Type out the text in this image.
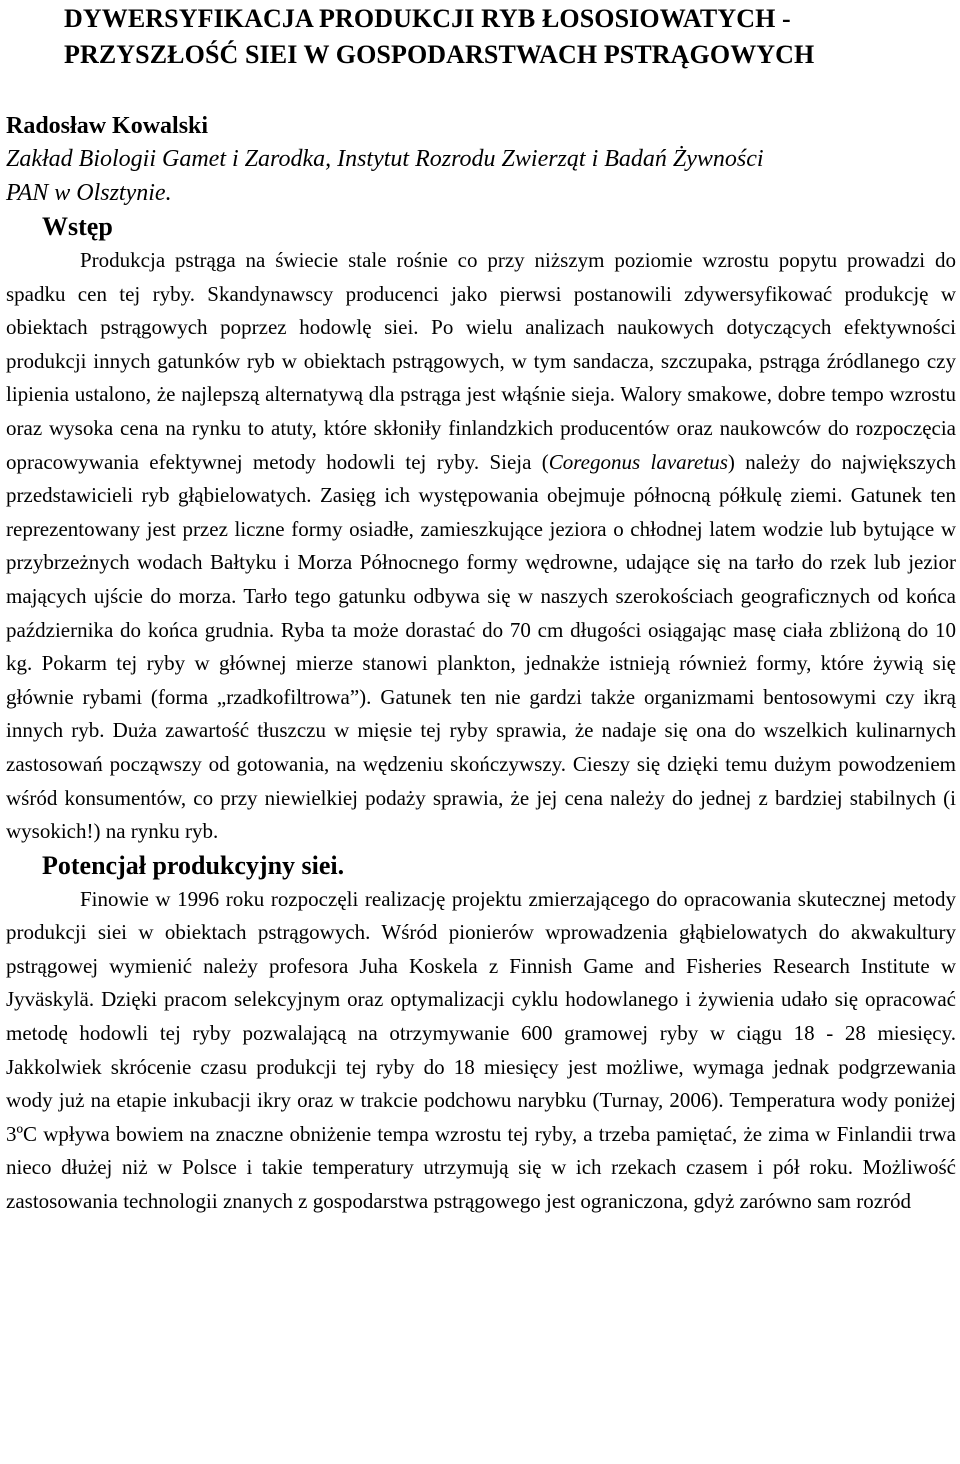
DYWERSYFIKACJA PRODUKCJI RYB ŁOSOSIOWATYCH -

PRZYSZŁOŚĆ SIEI W GOSPODARSTWACH PSTRĄGOWYCH

Radosław Kowalski

Zakład Biologii Gamet i Zarodka, Instytut Rozrodu Zwierząt i Badań Żywności

PAN w Olsztynie.

Wstęp

Produkcja pstrąga na świecie stale rośnie co przy niższym poziomie wzrostu popytu prowadzi do spadku cen tej ryby. Skandynawscy producenci jako pierwsi postanowili zdywersyfikować produkcję w obiektach pstrągowych poprzez hodowlę siei. Po wielu analizach naukowych dotyczących efektywności produkcji innych gatunków ryb w obiektach pstrągowych, w tym sandacza, szczupaka, pstrąga źródlanego czy lipienia ustalono, że najlepszą alternatywą dla pstrąga jest włąśnie sieja. Walory smakowe, dobre tempo wzrostu oraz wysoka cena na rynku to atuty, które skłoniły finlandzkich producentów oraz naukowców do rozpoczęcia opracowywania efektywnej metody hodowli tej ryby. Sieja (Coregonus lavaretus) należy do największych przedstawicieli ryb głąbielowatych. Zasięg ich występowania obejmuje północną półkulę ziemi. Gatunek ten reprezentowany jest przez liczne formy osiadłe, zamieszkujące jeziora o chłodnej latem wodzie lub bytujące w przybrzeżnych wodach Bałtyku i Morza Północnego formy wędrowne, udające się na tarło do rzek lub jezior mających ujście do morza. Tarło tego gatunku odbywa się w naszych szerokościach geograficznych od końca października do końca grudnia. Ryba ta może dorastać do 70 cm długości osiągając masę ciała zbliżoną do 10 kg. Pokarm tej ryby w głównej mierze stanowi plankton, jednakże istnieją również formy, które żywią się głównie rybami (forma „rzadkofiltrowa”). Gatunek ten nie gardzi także organizmami bentosowymi czy ikrą innych ryb. Duża zawartość tłuszczu w mięsie tej ryby sprawia, że nadaje się ona do wszelkich kulinarnych zastosowań począwszy od gotowania, na wędzeniu skończywszy. Cieszy się dzięki temu dużym powodzeniem wśród konsumentów, co przy niewielkiej podaży sprawia, że jej cena należy do jednej z bardziej stabilnych (i wysokich!) na rynku ryb.

Potencjał produkcyjny siei.

Finowie w 1996 roku rozpoczęli realizację projektu zmierzającego do opracowania skutecznej metody produkcji siei w obiektach pstrągowych. Wśród pionierów wprowadzenia głąbielowatych do akwakultury pstrągowej wymienić należy profesora Juha Koskela z Finnish Game and Fisheries Research Institute w Jyväskylä. Dzięki pracom selekcyjnym oraz optymalizacji cyklu hodowlanego i żywienia udało się opracować metodę hodowli tej ryby pozwalającą na otrzymywanie 600 gramowej ryby w ciągu 18 - 28 miesięcy. Jakkolwiek skrócenie czasu produkcji tej ryby do 18 miesięcy jest możliwe, wymaga jednak podgrzewania wody już na etapie inkubacji ikry oraz w trakcie podchowu narybku (Turnay, 2006). Temperatura wody poniżej 3ºC wpływa bowiem na znaczne obniżenie tempa wzrostu tej ryby, a trzeba pamiętać, że zima w Finlandii trwa nieco dłużej niż w Polsce i takie temperatury utrzymują się w ich rzekach czasem i pół roku. Możliwość zastosowania technologii znanych z gospodarstwa pstrągowego jest ograniczona, gdyż zarówno sam rozród
